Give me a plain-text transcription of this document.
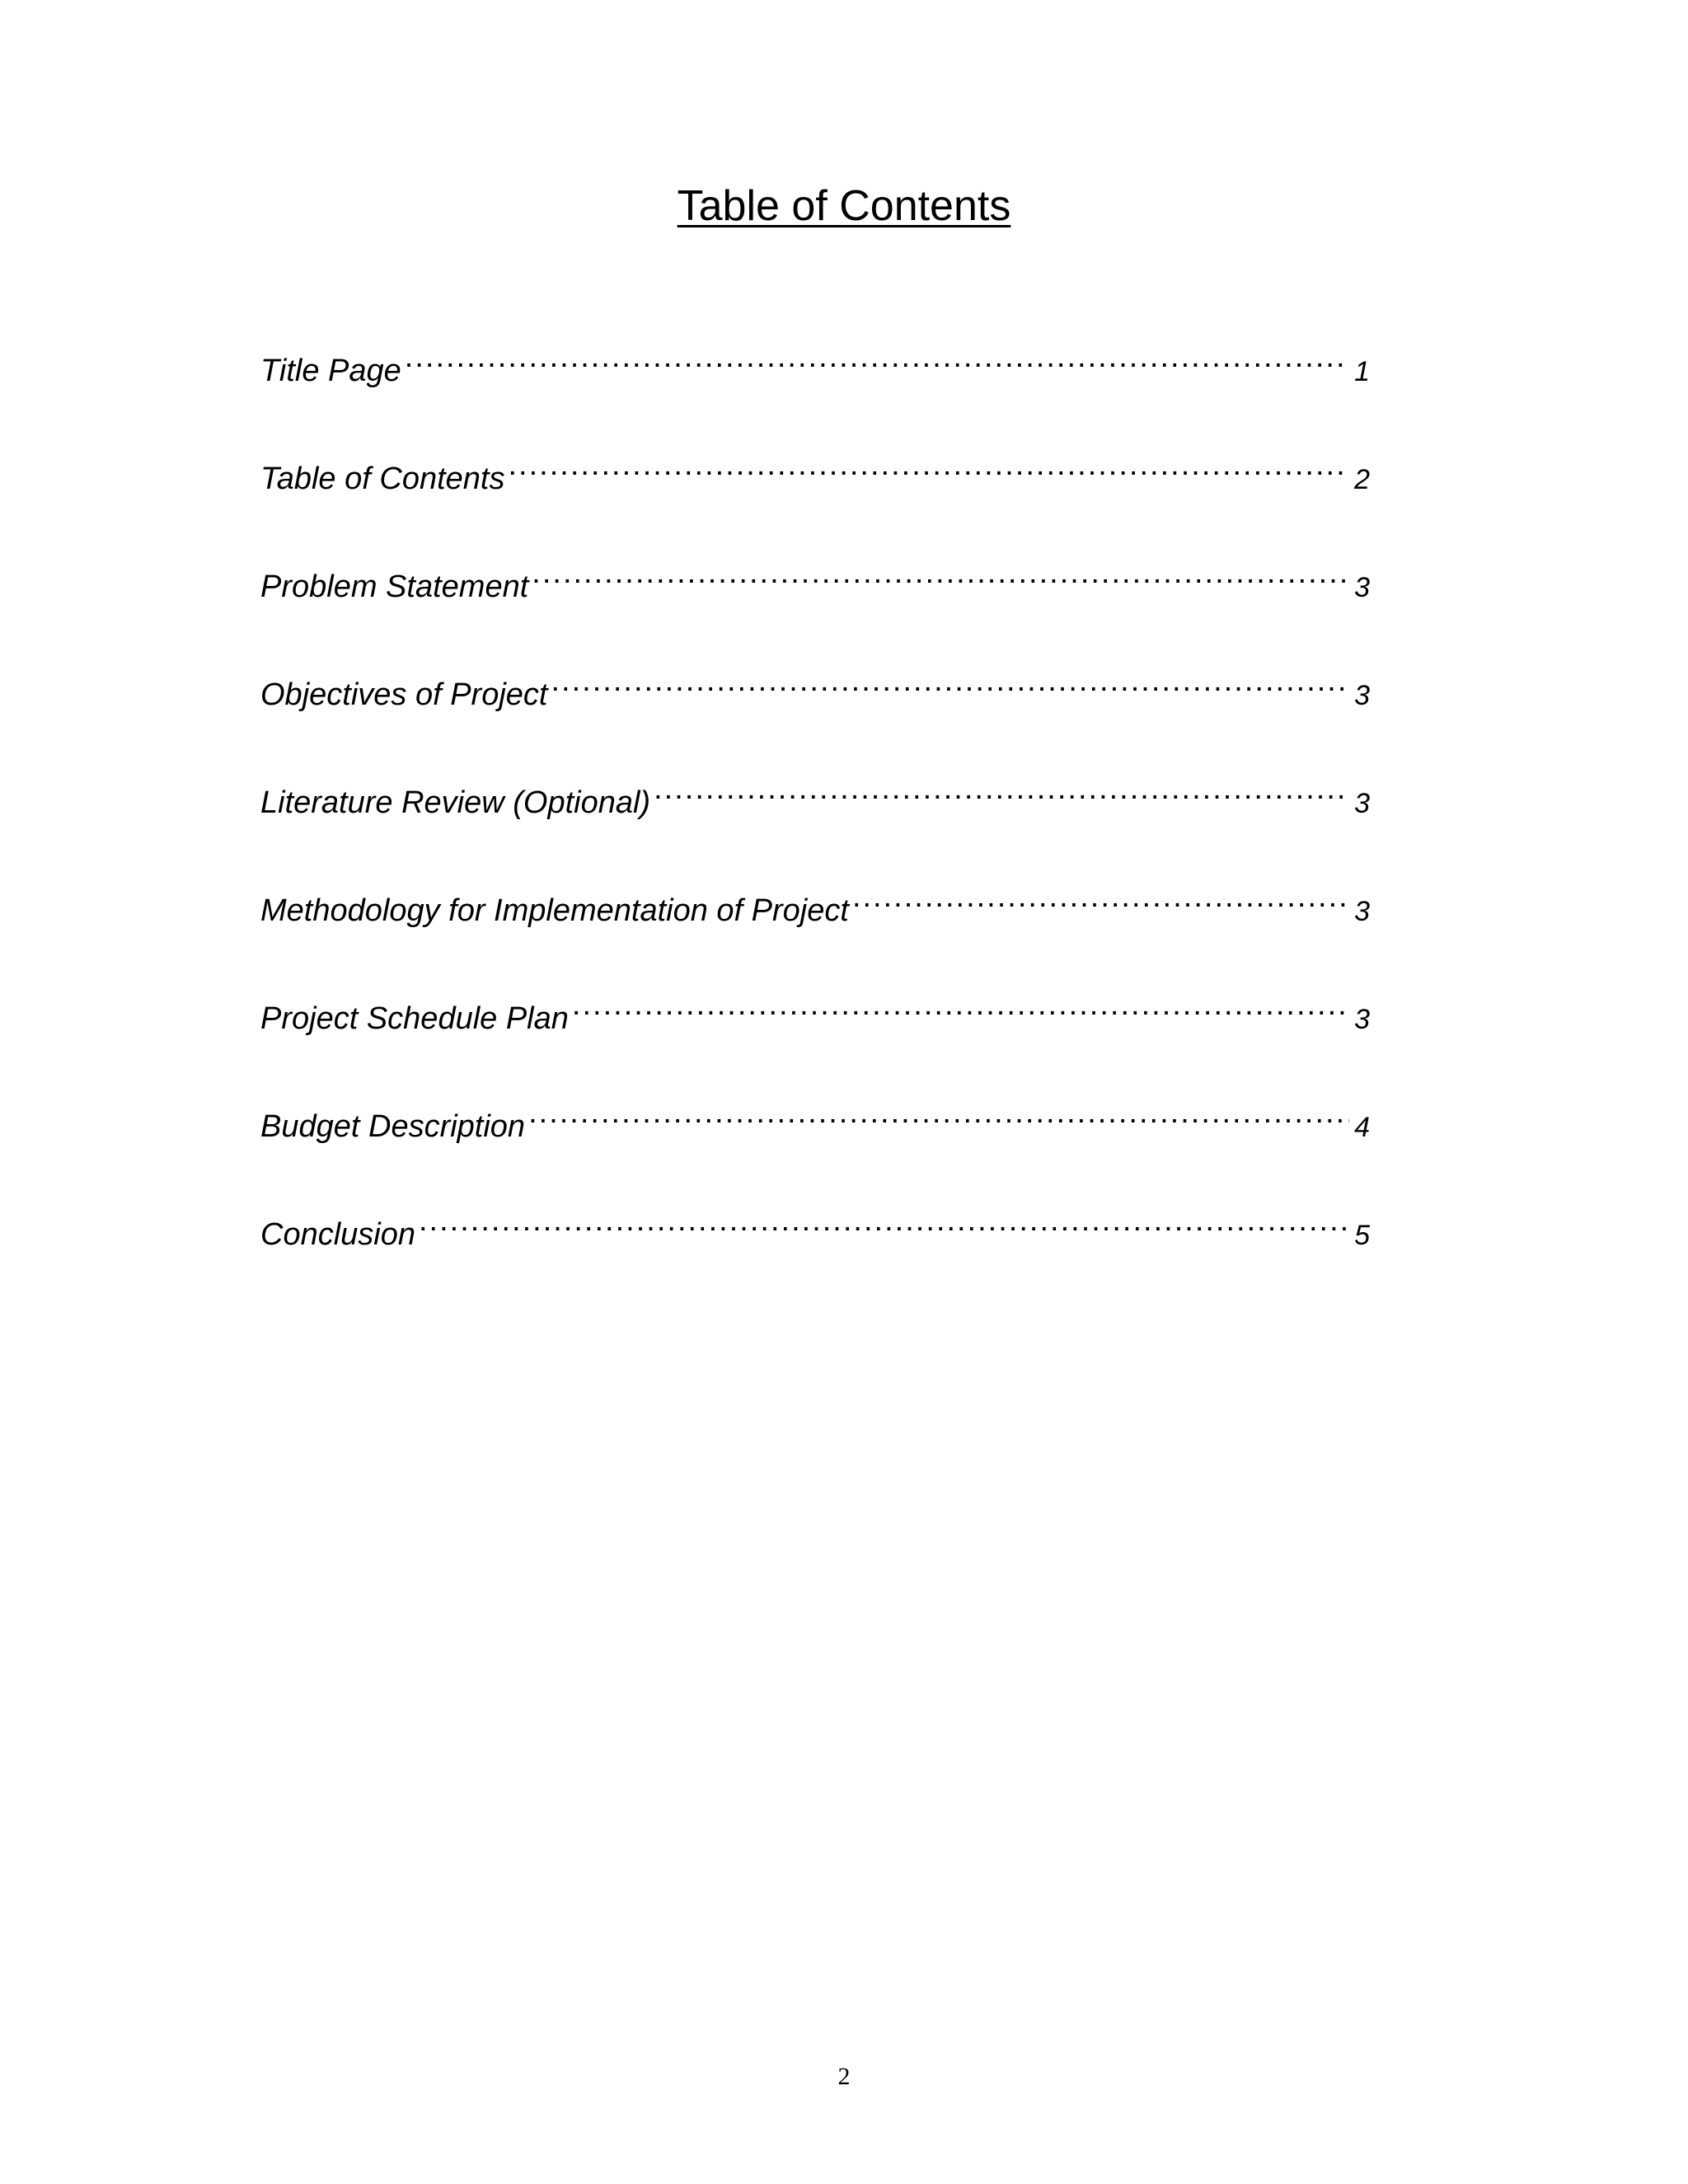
Table of Contents
Title Page .....	1
Table of Contents .....	2
Problem Statement .....	3
Objectives of Project .....	3
Literature Review (Optional) .....	3
Methodology for Implementation of Project .....	3
Project Schedule Plan .....	3
Budget Description .....	4
Conclusion .....	5
2
